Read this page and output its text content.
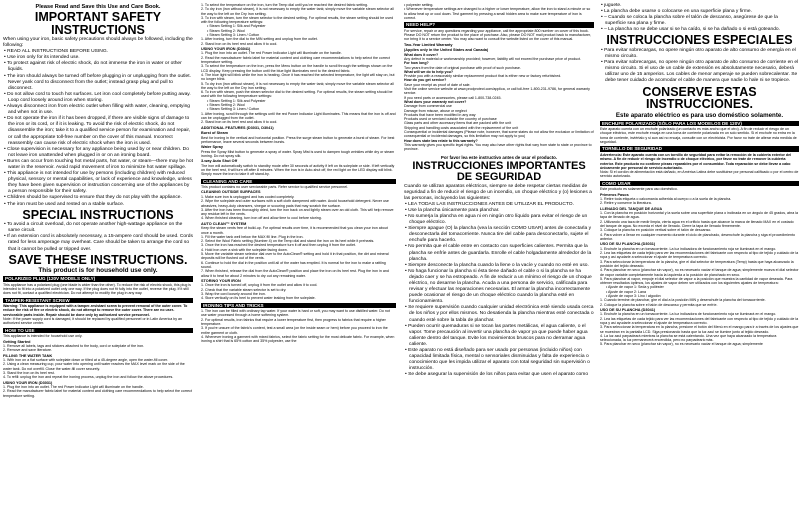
Please Read and Save this Use and Care Book.

IMPORTANT SAFETY INSTRUCTIONS

When using your iron, basic safety precautions should always be followed, including the following:

• READ ALL INSTRUCTIONS BEFORE USING.

• Use iron only for its intended use.

• To protect against risk of electric shock, do not immerse the iron in water or other liquids.

• The iron should always be turned off before plugging in or unplugging from the outlet. Never yank cord to disconnect from the outlet; instead grasp plug and pull to disconnect.

• Do not allow cord to touch hot surfaces. Let iron cool completely before putting away. Loop cord loosely around iron when storing.

• Always disconnect iron from electric outlet when filling with water, cleaning, emptying and when not in use.

• Do not operate the iron if it has been dropped, if there are visible signs of damage to the iron or its cord, or if it is leaking. To avoid the risk of electric shock, do not disassemble the iron; take it to a qualified service person for examination and repair, or call the appropriate toll-free number on the cover of this manual. Incorrect reassembly can cause risk of electric shock when the iron is used.

• Close supervision is necessary for any appliance being used by or near children. Do not leave iron unattended when plugged in or on an ironing board.

• Burns can occur from touching hot metal parts, hot water, or steam—there may be hot water in the reservoir. Avoid rapid movement of iron to minimize hot water spillage.

• This appliance is not intended for use by persons (including children) with reduced physical, sensory or mental capabilities, or lack of experience and knowledge, unless they have been given supervision or instruction concerning use of the appliances by a person responsible for their safety.

• Children should be supervised to ensure that they do not play with the appliance.

• The iron must be used and rested on a stable surface.

SPECIAL INSTRUCTIONS

• To avoid a circuit overload, do not operate another high-wattage appliance on the same circuit.

• If an extension cord is absolutely necessary, a 15-ampere cord should be used. Cords rated for less amperage may overheat. Care should be taken to arrange the cord so that it cannot be pulled or tripped over.

SAVE THESE INSTRUCTIONS.
This product is for household use only.
POLARIZED PLUG (120V MODELS ONLY)

This appliance has a polarized plug (one blade is wider than the other). To reduce the risk of electric shock, this plug is intended to fit into a polarized outlet only one way. If the plug does not fit fully into the outlet, reverse the plug. If it still does not fit, contact a qualified electrician. Do not attempt to modify the plug in any way.

TAMPER-RESISTANT SCREW

Warning: This appliance is equipped with a tamper-resistant screw to prevent removal of the outer cover. To reduce the risk of fire or electric shock, do not attempt to remove the outer cover. There are no user-serviceable parts inside. Repair should be done only by authorized service personnel.

Note: If the power supply cord is damaged, it should be replaced by qualified personnel or in Latin America by an authorized service center.

HOW TO USE

This appliance is intended for household use only.

Getting Started

1. Remove all labels, tags and stickers attached to the body, cord or soleplate of the iron.

2. Remove and save literature.

FILLING THE WATER TANK

1. With iron on a flat surface with soleplate down or tilted at a 45-degree angle, open the water-fill cover.

2. Using a clean measuring cup, pour water into opening until water reaches the MAX level mark on the side of the water tank. Do not overfill. Close the water-fill cover securely.

3. Stand the iron on its heel rest.

4. To refill: unplug the iron and repeat the ironing process, unplug the iron and follow the above procedures.

USING YOUR IRON (D3031)

1. Plug the iron into an outlet. The red Power Indicator Light will illuminate on the handle.

2. Read the manufacturer fabric label for material content and clothing care recommendations to help select the correct temperature setting.

1. To select the temperature on the iron, turn the Temp dial until you've reached the desired fabric setting.

2. To dry iron (iron without steam), it is not necessary to empty the water tank; simply move the variable steam selector all the way to the left on the Dry Iron setting.

3. To iron with steam, turn the steam selector to the desired setting. For optimal results, the steam setting should be used with the following temperature settings:

• Steam Setting 1: Silk and Polyester

• Steam Setting 2: Wool

• Steam Setting 3: Linen / Cotton

1. After ironing, turn the dial to the MIN setting and unplug from the outlet.

2. Stand iron on its heel rest and allow it to cool.

USING YOUR IRON (D3041)

1. Plug the iron into an outlet. The red Power Indicator Light will illuminate on the handle.

2. Read the manufacturer fabric label for material content and clothing care recommendations to help select the correct temperature setting.

3. To select the temperature on the iron, press the Menu button on the handle to scroll through the settings shown on the LCD display. Keep pressing the button until the blue light illuminates next to the desired fabric.

4. The blue light will blink while the iron is heating. Once it has reached the selected temperature, the light will stay on, but no longer blink.

5. To dry iron (iron without steam), it is not necessary to empty the water tank; simply move the variable steam selector all the way to the left on the Dry Iron setting.

6. To iron with steam, push the steam selector dial to the desired setting. For optimal results, the steam setting should be used with the following temperature settings:

• Steam Setting 1: Silk and Polyester

• Steam Setting 2: Wool

• Steam Setting 3: Linen / Cotton

1. After ironing, scroll through the settings until the red Power Indicator Light illuminates. This means that the iron is off and can be unplugged from the outlet.

2. Stand iron on its heel rest and allow it to cool.

ADDITIONAL FEATURES (D3031, D3041)
Burst of Steam

Best for ironing in the vertical and horizontal position. Press the surge steam button to generate a burst of steam. For best performance, leave several seconds between bursts.

Water Spray

Press the Spray Mist button to generate a spray of water. Spray Mist is used to dampen tough wrinkles while dry or steam ironing. Do not spray silk.

3-way Auto Shut Off

The iron will automatically switch to standby mode after 30 seconds of activity if left on its soleplate or side. If left vertically on the heel rest, it will turn off after 8 minutes. When the iron is in Auto-shut off, the red light on the LED display will blink. Simply move the iron to take it off stand-by.

CLEANING AND CARE

This product contains no user serviceable parts. Refer service to qualified service personnel.

CLEANING OUTSIDE SURFACES

1. Make sure iron is unplugged and has cooled completely.

2. Wipe the soleplate and outer surfaces with a soft cloth dampened with water. Avoid household detergent. Never use abrasives, heavy-duty cleansers, vinegar or scouring pads that may scratch the surface.

3. After the iron has been thoroughly dried, turn the iron back on and lightly steam over an old cloth. This will help remove any residue left in the vents.

4. When finished cleaning, turn iron off and allow time to cool before storing.

AUTO CLEAN™ SYSTEM

Keep the steam vents free of build-up. For optimal results over time, it is recommended that you clean your iron about once a month.

1. Fill the water tank well below the MAX fill line. Plug in the iron.

2. Select the Wool Fabric setting (Number 4) on the Temp dial and stand the iron on its heel while it preheats.

3. Once the iron has reached the desired temperature turn it off and then unplug it from the outlet.

4. Hold iron over a sink with the soleplate facing down.

5. Move the variable steam selector dial over to the AutoClean® setting and hold it in that position, the dirt and mineral deposits will be flushed out of the vents.

6. Continue to hold the dial in the position until all of the water has emptied. It is normal for the iron to make a rattling sound.

7. When finished, release the dial from the AutoClean® position and place the iron on its heel rest. Plug the iron in and allow it to heat for about 2 minutes to dry out any remaining water.

STORING YOUR IRON

1. Once the iron is turned off, unplug it from the outlet and allow it to cool.

2. Check that the variable steam selector is set to dry.

3. Wrap the cord loosely around the iron.

4. Store vertically on its heel to prevent water leaking from the soleplate.

IRONING TIPS AND TRICKS

1. The iron can be filled with ordinary tap water. If your water is hard or soft, you may want to use distilled water. Do not use water processed through a home softening system.

2. For optimal results, iron fabrics that require a lower temperature first, then progress to fabrics that require a higher temperature.

3. If you're unsure of the fabric's content, test a small area (on the inside seam or hem) before you proceed to iron the entire garment or cloth.

4. Whenever ironing a garment with mixed fabrics, select the fabric setting for the most delicate fabric. For example, when ironing a shirt that is 65% cotton and 35% polyester, use the

• polyester setting.

• Whenever temperature settings are changed to a higher or lower temperature, allow the iron to stand a minute or so to allow heat up or cool down. Test garment by pressing a small hidden area to make sure temperature of iron is correct.

NEED HELP?

For service, repair or any questions regarding your appliance, call the appropriate 800 number on cover of this book. Please DO NOT return the product to the place of purchase. Also, please DO NOT mail product back to manufacturer, nor bring it to a service center. You may also want to consult the website listed on the cover of this manual.

Two-Year Limited Warranty
(Applies only in the United States and Canada)

What does it cover?

Any defect in material or workmanship provided; however, liability will not exceed the purchase price of product.

For how long?

Two years from the date of original purchase with proof of such purchase.

What will we do to help you?

Provide you with a reasonably similar replacement product that is either new or factory refurbished.

How do you get service?

Save your receipt as proof of date of sale.

Visit the online service website at www.prodprotect.com/applica, or call toll-free 1-800-231-9786, for general warranty service.

If you need parts or accessories, please call 1-800-738-0245.

What does your warranty not cover?

Damage from commercial use

Damage from misuse, abuse or neglect

Products that have been modified in any way

Products used or serviced outside the country of purchase

Glass parts and other accessory items that are packed with the unit

Shipping and handling costs associated with the replacement of the unit

Consequential or incidental damages (Please note, however, that some states do not allow the exclusion or limitation of consequential or incidental damages, so this limitation may not apply to you)

How does state law relate to this warranty?

This warranty gives you specific legal rights. You may also have other rights that vary from state to state or province to province.

Por favor lea este instructivo antes de usar el producto.
INSTRUCCIONES IMPORTANTES DE SEGURIDAD

Cuando se utilizan aparatos eléctricos, siempre se debe respetar ciertas medidas de seguridad a fin de reducir el riesgo de un incendio, un choque eléctrico y (o) lesiones a las personas, incluyendo las siguientes:

• LEA TODAS LAS INSTRUCCIONES ANTES DE UTILIZAR EL PRODUCTO.

• Use la plancha únicamente para planchar.

• No sumerja la plancha en agua ni en ningún otro líquido para evitar el riesgo de un choque eléctrico.

• Siempre apague (O) la plancha (vea la sección COMO USAR) antes de conectarla y desconectarla del tomacorriente. Nunca tire del cable para desconectarlo, sujete el enchufe para hacerlo.

• No permita que el cable entre en contacto con superficies calientes. Permita que la plancha se enfríe antes de guardarla. Enrolle el cable holgadamente alrededor de la plancha.

• Siempre desconecte la plancha cuando la llene o la vacíe y cuando no esté en uso.

• No haga funcionar la plancha si ésta tiene dañado el cable o si la plancha se ha dejado caer y se ha estropeado. A fin de reducir a un mínimo el riesgo de un choque eléctrico, no desarme la plancha. Acuda a una persona de servicio, calificada para revisar y efectuar las reparaciones necesarias. El armar la plancha incorrectamente puede ocasionar el riesgo de un choque eléctrico cuando la plancha esté en funcionamiento.

• Se requiere supervisión cuando cualquier unidad electrónica esté siendo usada cerca de los niños y por ellos mismos. No desatienda la plancha mientras esté conectada o cuando esté sobre la tabla de planchar.

• Pueden ocurrir quemaduras si se tocan las partes metálicas, el agua caliente, o el vapor. Tome precaución al invertir una plancha de vapor ya que puede haber agua caliente dentro del tanque. Evite los movimientos bruscos para no derramar agua caliente.

• Este aparato no está diseñado para ser usado por personas (incluido niños) con capacidad limitada física, mental o sensoriales disminuidas y falta de experiencia o conocimiento que les impida utilizar el aparato con total seguridad sin supervisión o instrucción.

• Se debe asegurar la supervisión de los niños para evitar que usen el aparato como

• juguete.

• La plancha debe usarse o colocarse en una superficie plana y firme.

• – Cuando se coloca la plancha sobre el talón de descanso, asegúrese de que la superficie sea plana y firme.

• – La plancha no se debe usar si se ha caído, si se ha dañado o si está goteando.

INSTRUCCIONES ESPECIALES

• Para evitar sobrecargas, no opere ningún otro aparato de alto consumo de energía en el mismo circuito.

• Para evitar sobrecargas, no opere ningún otro aparato de alto consumo de corriente en el mismo circuito. Si el uso de un cable de extensión es absolutamente necesario, deberá utilizar uno de 15 amperios. Los cables de menor amperaje se pueden sobrecalentar. Se debe tener cuidado de acomodar el cable de manera que nadie lo hale ni se tropiece.

CONSERVE ESTAS INSTRUCCIONES.
Este aparato eléctrico es para uso doméstico solamente.
ENCHUFE POLARIZADO (SÓLO PARA LOS MODELOS DE 120V)

Este aparato cuenta con un enchufe polarizado (un contacto es más ancho que el otro). A fin de reducir el riesgo de un choque eléctrico, este enchufe encaja en una toma de corriente polarizada en un solo sentido. Si el enchufe no entra en la toma de corriente, inviértalo y si aun así no encaja, consulte con un electricista. Por favor no trate de alterar esta medida de seguridad.

TORNILLO DE SEGURIDAD

Advertencia: Este aparato cuenta con un tornillo de seguridad para evitar la remoción de la cubierta exterior del mismo. A fin de reducir el riesgo de incendio o de choque eléctrico, por favor no trate de remover la cubierta exterior. Este producto no contiene piezas reparables por el consumidor. Toda reparación se debe llevar a cabo únicamente por personal de servicio autorizado.

Nota: Si el cordón de alimentación está dañado, en América Latina debe sustituirse por personal calificado o por el centro de servicio autorizado.

COMO USAR

Este producto es solamente para uso doméstico.

Primeros Pasos

1. Retire toda etiqueta o calcomanía adherida al cuerpo o a la suela de la plancha.

2. Retire y conserve la literatura.

LLENADO DEL TANQUE DE AGUA

1. Con la plancha en posición horizontal y la suela sobre una superficie plana o inclinada en un ángulo de 45 grados, abra la tapa de llenado de agua.

2. Utilizando una taza de medir limpia, vierta agua en el orificio hasta que alcance la marca de llenado MAX en el costado del tanque de agua. No exceda el nivel de llenado. Cierre la tapa de llenado firmemente.

3. Coloque la plancha en posición vertical sobre el talón de descanso.

4. Para volver a llenar en cualquier momento durante el ciclo de planchado, desenchufe la plancha y siga el procedimiento anterior.

USO DE SU PLANCHA (D3031)

1. Enchufe la plancha en un tomacorriente. La luz indicadora de funcionamiento roja se iluminará en el mango.

2. Lea las etiquetas de cada tejido para ver las recomendaciones del fabricante con respecto al tipo de tejido y cuidado de la ropa y así ayudarle a seleccionar el ajuste de temperatura correcto.

3. Para seleccionar la temperatura de la plancha, gire el dial selector de temperatura (Temp) hasta que haya alcanzado la posición del tejido deseado.

4. Para planchar en seco (planchar sin vapor), no es necesario vaciar el tanque de agua; simplemente mueva el dial selector de vapor variable completamente hacia la izquierda a la posición de planchado en seco.

5. Para planchar al vapor, empuje el dial selector de vapor a la posición que muestra la cantidad de vapor deseada. Para obtener resultados óptimos, los ajustes de vapor deben ser utilizados con los siguientes ajustes de temperatura:

• Ajuste de vapor 1: Seda y poliéster

• Ajuste de vapor 2: Lana

• Ajuste de vapor 3: Lino / algodón

1. Cuando termine de planchar, gire el dial a la posición MIN y desenchufe la plancha del tomacorriente.

2. Coloque la plancha sobre el talón de descanso y permita que se enfríe.

USO DE SU PLANCHA (D3041)

1. Enchufe la plancha en un tomacorriente. La luz indicadora de funcionamiento roja se iluminará en el mango.

2. Lea las etiquetas de cada tejido para ver las recomendaciones del fabricante con respecto al tipo de tejido y cuidado de la ropa y así ayudarle a seleccionar el ajuste de temperatura correcto.

3. Para seleccionar la temperatura en la plancha, presione el botón del Menú en el mango para ir a través de los ajustes que se muestran en la pantalla LCD. Siga presionando hasta que la luz azul se ilumine junto al tejido deseado.

4. La luz azul parpadeará mientras la plancha se está calentando. Una vez que haya alcanzado la temperatura seleccionada, la luz permanecerá encendida, pero no parpadeará más.

5. Para planchar en seco (planchar sin vapor), no es necesario vaciar el tanque de agua; simplemente
